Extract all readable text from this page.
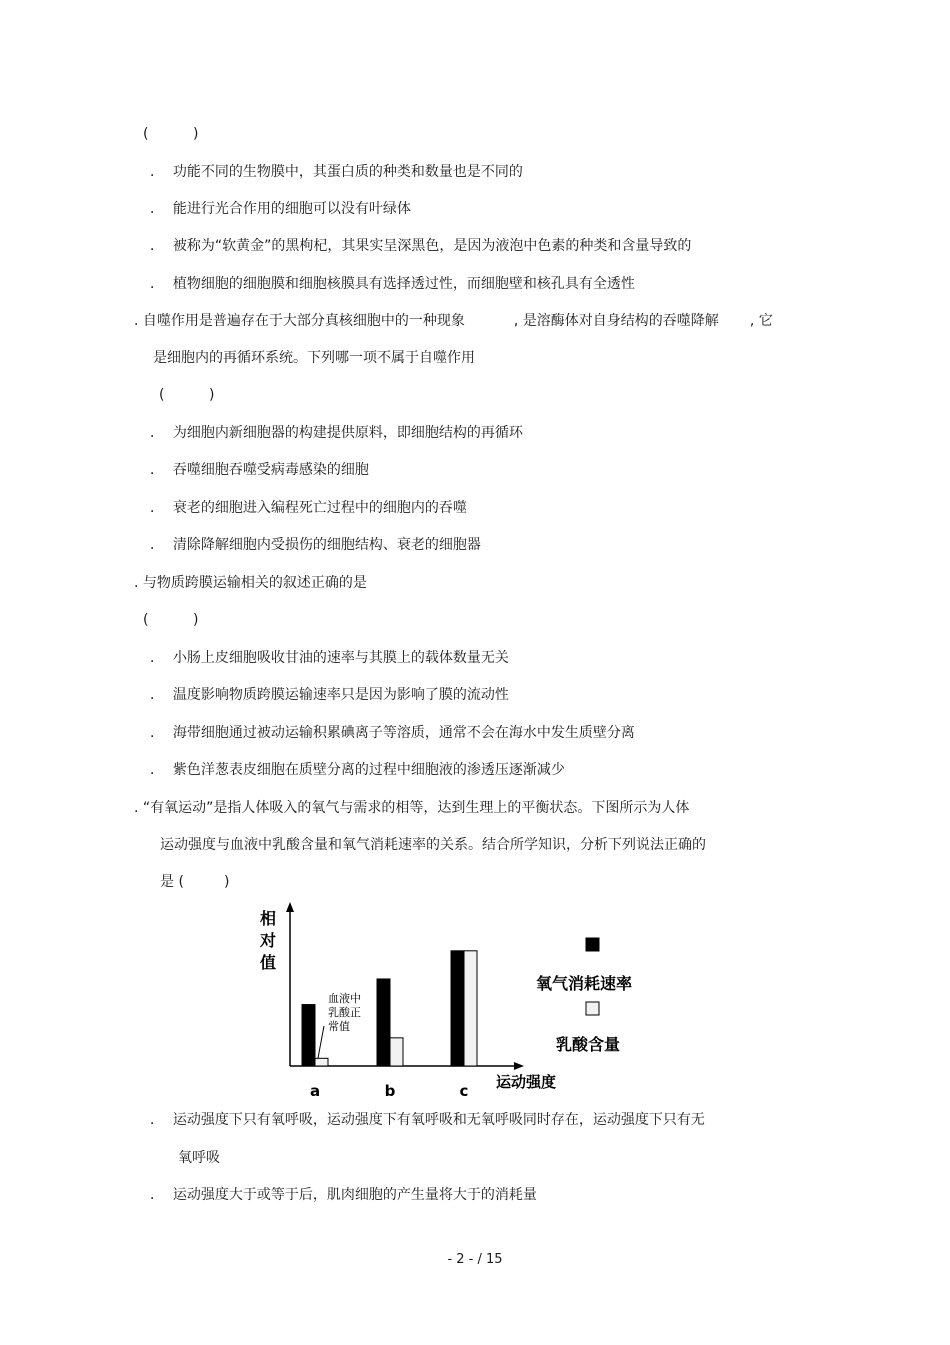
(          )
．  功能不同的生物膜中，其蛋白质的种类和数量也是不同的
．  能进行光合作用的细胞可以没有叶绿体
．  被称为“软黄金”的黑枸杞，其果实呈深黑色，是因为液泡中色素的种类和含量导致的
．  植物细胞的细胞膜和细胞核膜具有选择透过性，而细胞壁和核孔具有全透性
. 自噬作用是普遍存在于大部分真核细胞中的一种现象           , 是溶酶体对自身结构的吞噬降解       , 它
是细胞内的再循环系统。下列哪一项不属于自噬作用
(          )
．  为细胞内新细胞器的构建提供原料，即细胞结构的再循环
．  吞噬细胞吞噬受病毒感染的细胞
．  衰老的细胞进入编程死亡过程中的细胞内的吞噬
．  清除降解细胞内受损伤的细胞结构、衰老的细胞器
. 与物质跨膜运输相关的叙述正确的是
(          )
．  小肠上皮细胞吸收甘油的速率与其膜上的载体数量无关
．  温度影响物质跨膜运输速率只是因为影响了膜的流动性
．  海带细胞通过被动运输积累碘离子等溶质，通常不会在海水中发生质壁分离
．  紫色洋葱表皮细胞在质壁分离的过程中细胞液的渗透压逐渐减少
. “有氧运动”是指人体吸入的氧气与需求的相等，达到生理上的平衡状态。下图所示为人体
运动强度与血液中乳酸含量和氧气消耗速率的关系。结合所学知识，分析下列说法正确的
是 (         )
相
对
值
a	b	c 运动强度
血液中
乳酸正
常值
氧气消耗速率
乳酸含量
．  运动强度下只有氧呼吸，运动强度下有氧呼吸和无氧呼吸同时存在，运动强度下只有无
氧呼吸
．  运动强度大于或等于后，肌肉细胞的产生量将大于的消耗量
- 2 - / 15
